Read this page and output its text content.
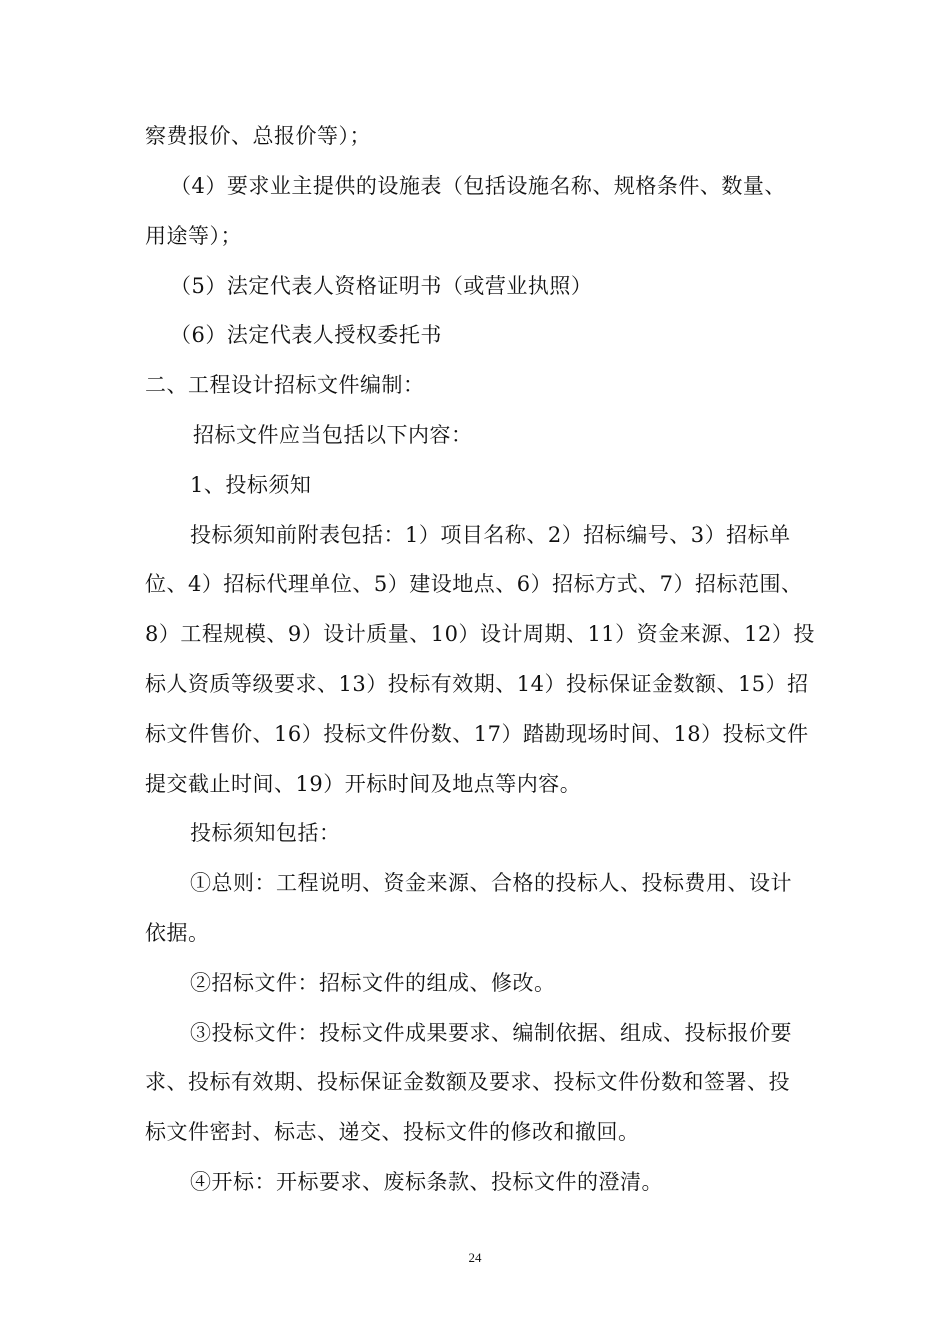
察费报价、总报价等）；
（4）要求业主提供的设施表（包括设施名称、规格条件、数量、
用途等）；
（5）法定代表人资格证明书（或营业执照）
（6）法定代表人授权委托书
二、工程设计招标文件编制：
招标文件应当包括以下内容：
1、投标须知
投标须知前附表包括：1）项目名称、2）招标编号、3）招标单
位、4）招标代理单位、5）建设地点、6）招标方式、7）招标范围、
8）工程规模、9）设计质量、10）设计周期、11）资金来源、12）投
标人资质等级要求、13）投标有效期、14）投标保证金数额、15）招
标文件售价、16）投标文件份数、17）踏勘现场时间、18）投标文件
提交截止时间、19）开标时间及地点等内容。
投标须知包括：
①总则：工程说明、资金来源、合格的投标人、投标费用、设计
依据。
②招标文件：招标文件的组成、修改。
③投标文件：投标文件成果要求、编制依据、组成、投标报价要
求、投标有效期、投标保证金数额及要求、投标文件份数和签署、投
标文件密封、标志、递交、投标文件的修改和撤回。
④开标：开标要求、废标条款、投标文件的澄清。
24
